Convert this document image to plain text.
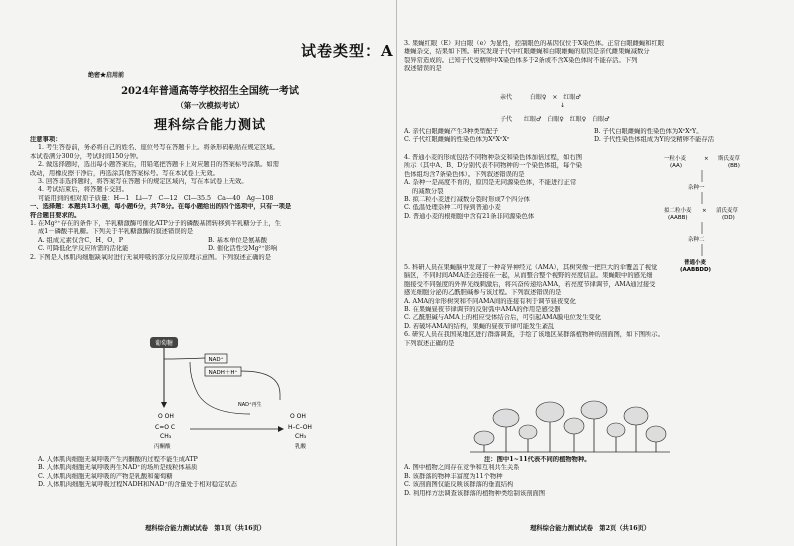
试卷类型：A
绝密★启用前

2024年普通高等学校招生全国统一考试

（第一次模拟考试）

理科综合能力测试

注意事项：

1. 考生答卷前，务必将自己的姓名、座位号写在答题卡上。将条形码粘贴在规定区域。

本试卷满分300分，考试时间150分钟。

2. 做选择题时，选出每小题答案后，用铅笔把答题卡上对应题目的答案标号涂黑。如需

改动，用橡皮擦干净后，再选涂其他答案标号。写在本试卷上无效。

3. 回答非选择题时，将答案写在答题卡的规定区域内，写在本试卷上无效。

4. 考试结束后，将答题卡交回。

可能用到的相对原子质量：H—1　Li—7　C—12　Cl—35.5　Ca—40　Ag—108

一、选择题：本题共13小题，每小题6分，共78分。在每小题给出的四个选项中，只有一项是

符合题目要求的。

1. 在Mg²⁺存在的条件下，半乳糖激酶可催化ATP分子的磷酸基团转移到半乳糖分子上，生

成1－磷酸半乳糖。下列关于半乳糖激酶的叙述错误的是

A. 组成元素仅含C、H、O、P	B. 基本单位是氨基酸

C. 可降低化学反应所需的活化能	D. 催化活性受Mg²⁺影响

2. 下图是人体肌肉细胞缺氧时进行无氧呼吸的部分反应原理示意图。下列叙述正确的是

葡萄糖
NAD⁺
NADH＋H⁺
NAD⁺再生
O OH
C=O C
CH₃
丙酮酸
O OH
H–C–OH
CH₃
乳酸

A. 人体肌肉细胞无氧呼吸产生丙酮酸的过程不能生成ATP

B. 人体肌肉细胞无氧呼吸再生NAD⁺的场所是线粒体基质

C. 人体肌肉细胞无氧呼吸的产物是乳酸和葡萄糖

D. 人体肌肉细胞无氧呼吸过程NADH和NAD⁺的含量处于相对稳定状态

理科综合能力测试试卷　第1页（共16页）

3. 果蝇红眼（E）对白眼（e）为显性，控制眼色的基因仅位于X染色体。正常白眼雌蝇和红眼

雄蝇杂交，结果如下图。研究发现子代中红眼雌蝇和白眼雄蝇的原因是亲代雌果蝇减数分

裂异常造成的。已知子代受精卵中X染色体多于2条或不含X染色体时不能存活。下列

叙述错误的是

亲代　　　白眼♀　×　红眼♂
↓
子代　　红眼♂　白眼♀　红眼♀　白眼♂

A. 亲代白眼雌蝇产生3种类型配子	B. 子代白眼雌蝇的性染色体为XᵉXᵉY。

C. 子代红眼雌蝇的性染色体为XᴱXᵉXᵉ	D. 子代性染色体组成为Y的受精卵不能存活

4. 普通小麦的形成包括不同物种杂交和染色体加倍过程，如右图

所示（其中A、B、D分别代表不同物种的一个染色体组，每个染

色体组均含7条染色体）。下列叙述错误的是

A. 杂种一是高度不育的，原因是无同源染色体，不能进行正常

的减数分裂

B. 拟二粒小麦进行减数分裂时形成7个四分体

C. 低温处理杂种二可得到普通小麦

D. 普通小麦的根细胞中含有21条非同源染色体

一粒小麦
(AA)
× 斯氏麦草
(BB)
杂种一
拟二粒小麦
(AABB)
× 滔氏麦草
(DD)
杂种二
普通小麦
(AABBDD)

5. 科研人员在果蝇脑中发现了一种奇异神经元（AMA），其树突像一把巨大的伞覆盖了视觉

脑区，不同时间AMA还会连接在一起，从而整合整个视野的亮度信息。果蝇眼中的感光细

胞接受不同强度的外界光线刺激后，将兴奋传递给AMA，若亮度节律调节，AMA通过接受

感光细胞分泌的乙酰胆碱参与该过程。下列叙述错误的是

A. AMA的伞形树突和不同AMA间的连接有利于调节昼夜变化

B. 在果蝇昼夜节律调节的反射弧中AMA的作用是感受器

C. 乙酰胆碱与AMA上的相应受体结合后，可引起AMA膜电位发生变化

D. 若破坏AMA的结构，果蝇的昼夜节律可能发生紊乱

6. 研究人员在我国某地区进行群落调查，手绘了该地区某群落植物种的剖面图，如下图所示。

下列叙述正确的是

注：图中1~11代表不同的植物物种。

A. 图中植物之间存在竞争和互利共生关系

B. 该群落的物种丰富度为11个物种

C. 该剖面图仅能反映该群落的垂直结构

D. 利用样方法调查该群落的植物种类绘制该剖面图

理科综合能力测试试卷　第2页（共16页）
